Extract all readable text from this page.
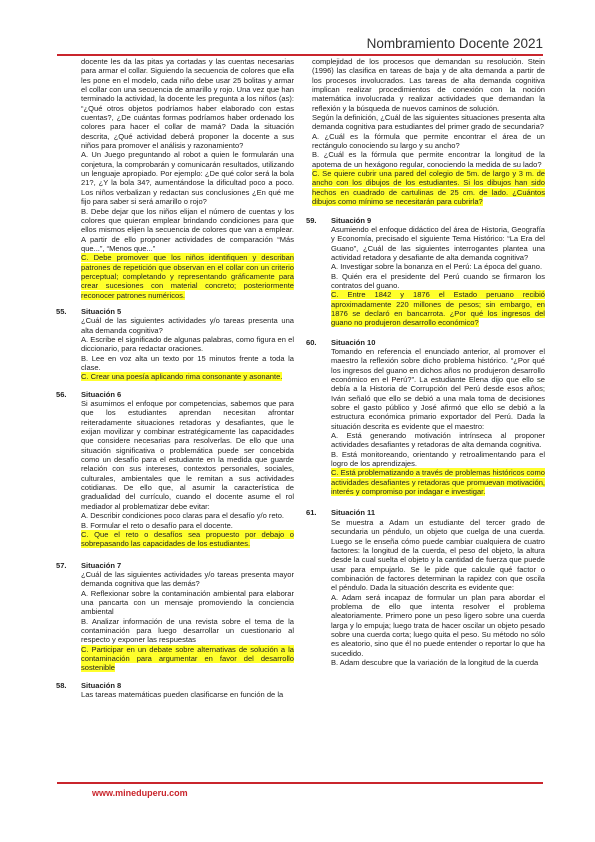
Nombramiento Docente 2021

docente les da las pitas ya cortadas y las cuentas necesarias para armar el collar. Siguiendo la secuencia de colores que ella les pone en el modelo, cada niño debe usar 25 bolitas y armar el collar con una secuencia de amarillo y rojo. Una vez que han terminado la actividad, la docente les pregunta a los niños (as): “¿Qué otros objetos podríamos haber elaborado con estas cuentas?, ¿De cuántas formas podríamos haber ordenado los colores para hacer el collar de mamá? Dada la situación descrita, ¿Qué actividad deberá proponer la docente a sus niños para promover el análisis y razonamiento?

A. Un Juego preguntando al robot a quien le formularán una conjetura, la comprobarán y comunicarán resultados, utilizando un lenguaje apropiado. Por ejemplo: ¿De qué color será la bola 21?, ¿Y la bola 34?, aumentándose la dificultad poco a poco. Los niños verbalizan y redactan sus conclusiones ¿En qué me fijo para saber si será amarillo o rojo?

B. Debe dejar que los niños elijan el número de cuentas y los colores que quieran emplear brindando condiciones para que ellos mismos elijen la secuencia de colores que van a emplear. A partir de ello proponer actividades de comparación “Más que...”, “Menos que...”

C. Debe promover que los niños identifiquen y describan patrones de repetición que observan en el collar con un criterio perceptual; completando y representando gráficamente para crear sucesiones con material concreto; posteriormente reconocer patrones numéricos.

55. Situación 5

¿Cuál de las siguientes actividades y/o tareas presenta una alta demanda cognitiva?

A. Escribe el significado de algunas palabras, como figura en el diccionario, para redactar oraciones.

B. Lee en voz alta un texto por 15 minutos frente a toda la clase.

C. Crear una poesía aplicando rima consonante y asonante.

56. Situación 6

Si asumimos el enfoque por competencias, sabemos que para que los estudiantes aprendan necesitan afrontar reiteradamente situaciones retadoras y desafiantes, que le exijan movilizar y combinar estratégicamente las capacidades que considere necesarias para resolverlas. De ello que una situación significativa o problemática puede ser concebida como un desafío para el estudiante en la medida que guarde relación con sus intereses, contextos personales, sociales, culturales, ambientales que le remitan a sus actividades cotidianas. De ello que, al asumir la característica de gradualidad del currículo, cuando el docente asume el rol mediador al problematizar debe evitar:

A. Describir condiciones poco claras para el desafío y/o reto.

B. Formular el reto o desafío para el docente.

C. Que el reto o desafíos sea propuesto por debajo o sobrepasando las capacidades de los estudiantes.

57. Situación 7

¿Cuál de las siguientes actividades y/o tareas presenta mayor demanda cognitiva que las demás?

A. Reflexionar sobre la contaminación ambiental para elaborar una pancarta con un mensaje promoviendo la conciencia ambiental

B. Analizar información de una revista sobre el tema de la contaminación para luego desarrollar un cuestionario al respecto y exponer las respuestas

C. Participar en un debate sobre alternativas de solución a la contaminación para argumentar en favor del desarrollo sostenible

58. Situación 8

Las tareas matemáticas pueden clasificarse en función de la

complejidad de los procesos que demandan su resolución. Stein (1996) las clasifica en tareas de baja y de alta demanda a partir de los procesos involucrados. Las tareas de alta demanda cognitiva implican realizar procedimientos de conexión con la noción matemática involucrada y realizar actividades que demandan la reflexión y la búsqueda de nuevos caminos de solución.

Según la definición, ¿Cuál de las siguientes situaciones presenta alta demanda cognitiva para estudiantes del primer grado de secundaria?

A. ¿Cuál es la fórmula que permite encontrar el área de un rectángulo conociendo su largo y su ancho?

B. ¿Cuál es la fórmula que permite encontrar la longitud de la apotema de un hexágono regular, conociendo la medida de su lado?

C. Se quiere cubrir una pared del colegio de 5m. de largo y 3 m. de ancho con los dibujos de los estudiantes. Si los dibujos han sido hechos en cuadrado de cartulinas de 25 cm. de lado. ¿Cuántos dibujos como mínimo se necesitarán para cubrirla?

59. Situación 9

Asumiendo el enfoque didáctico del área de Historia, Geografía y Economía, precisado el siguiente Tema Histórico: “La Era del Guano”, ¿Cuál de las siguientes interrogantes plantea una actividad retadora y desafiante de alta demanda cognitiva?

A. Investigar sobre la bonanza en el Perú: La época del guano.

B. Quién era el presidente del Perú cuando se firmaron los contratos del guano.

C. Entre 1842 y 1876 el Estado peruano recibió aproximadamente 220 millones de pesos; sin embargo, en 1876 se declaró en bancarrota. ¿Por qué los ingresos del guano no produjeron desarrollo económico?

60. Situación 10

Tomando en referencia el enunciado anterior, al promover el maestro la reflexión sobre dicho problema histórico. “¿Por qué los ingresos del guano en dichos años no produjeron desarrollo económico en el Perú?”. La estudiante Elena dijo que ello se debía a la Historia de Corrupción del Perú desde esos años; Iván señaló que ello se debió a una mala toma de decisiones sobre el gasto público y José afirmó que ello se debió a la estructura económica primario exportador del Perú. Dada la situación descrita es evidente que el maestro:

A. Está generando motivación intrínseca al proponer actividades desafiantes y retadoras de alta demanda cognitiva.

B. Está monitoreando, orientando y retroalimentando para el logro de los aprendizajes.

C. Está problematizando a través de problemas históricos como actividades desafiantes y retadoras que promuevan motivación, interés y compromiso por indagar e investigar.

61. Situación 11

Se muestra a Adam un estudiante del tercer grado de secundaria un péndulo, un objeto que cuelga de una cuerda. Luego se le enseña cómo puede cambiar cualquiera de cuatro factores: la longitud de la cuerda, el peso del objeto, la altura desde la cual suelta el objeto y la cantidad de fuerza que puede usar para empujarlo. Se le pide que calcule qué factor o combinación de factores determinan la rapidez con que oscila el péndulo. Dada la situación descrita es evidente que:

A. Adam será incapaz de formular un plan para abordar el problema de ello que intenta resolver el problema aleatoriamente. Primero pone un peso ligero sobre una cuerda larga y lo empuja; luego trata de hacer oscilar un objeto pesado sobre una cuerda corta; luego quita el peso. Su método no sólo es aleatorio, sino que él no puede entender o reportar lo que ha sucedido.

B. Adam descubre que la variación de la longitud de la cuerda

www.mineduperu.com
